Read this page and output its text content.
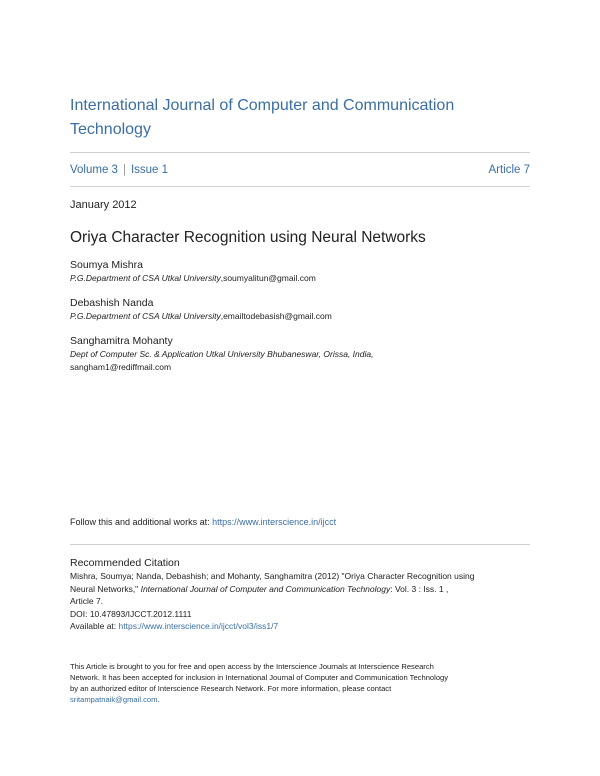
International Journal of Computer and Communication
Technology
Volume 3 | Issue 1	Article 7
January 2012
Oriya Character Recognition using Neural Networks
Soumya Mishra
P.G.Department of CSA Utkal University,soumyalitun@gmail.com
Debashish Nanda
P.G.Department of CSA Utkal University,emailtodebasish@gmail.com
Sanghamitra Mohanty
Dept of Computer Sc. & Application Utkal University Bhubaneswar, Orissa, India,
sangham1@rediffmail.com
Follow this and additional works at: https://www.interscience.in/ijcct
Recommended Citation
Mishra, Soumya; Nanda, Debashish; and Mohanty, Sanghamitra (2012) "Oriya Character Recognition using
Neural Networks," International Journal of Computer and Communication Technology: Vol. 3 : Iss. 1 ,
Article 7.
DOI: 10.47893/IJCCT.2012.1111
Available at: https://www.interscience.in/ijcct/vol3/iss1/7
This Article is brought to you for free and open access by the Interscience Journals at Interscience Research
Network. It has been accepted for inclusion in International Journal of Computer and Communication Technology
by an authorized editor of Interscience Research Network. For more information, please contact
sritampatnaik@gmail.com.
